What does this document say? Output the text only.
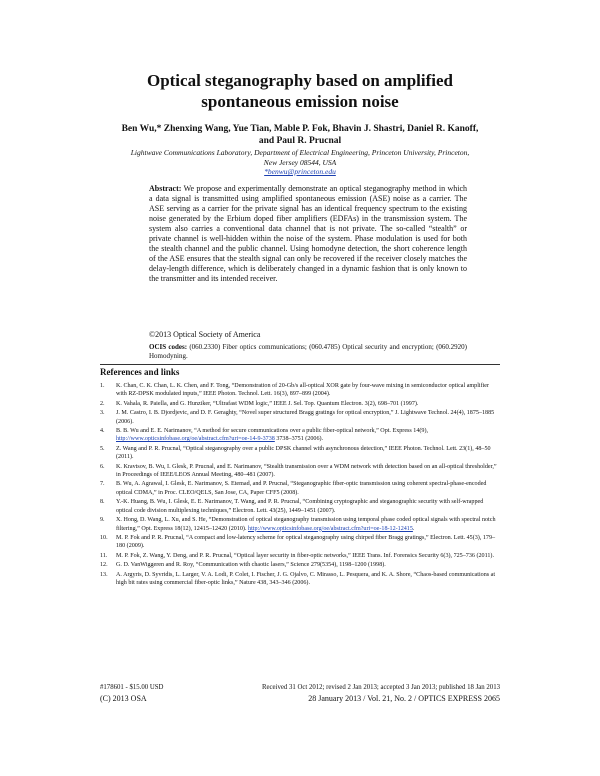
Optical steganography based on amplified
spontaneous emission noise
Ben Wu,* Zhenxing Wang, Yue Tian, Mable P. Fok, Bhavin J. Shastri, Daniel R. Kanoff,
and Paul R. Prucnal
Lightwave Communications Laboratory, Department of Electrical Engineering, Princeton University, Princeton,
New Jersey 08544, USA
*benwu@princeton.edu
Abstract: We propose and experimentally demonstrate an optical steganography method in which a data signal is transmitted using amplified spontaneous emission (ASE) noise as a carrier. The ASE serving as a carrier for the private signal has an identical frequency spectrum to the existing noise generated by the Erbium doped fiber amplifiers (EDFAs) in the transmission system. The system also carries a conventional data channel that is not private. The so-called “stealth” or private channel is well-hidden within the noise of the system. Phase modulation is used for both the stealth channel and the public channel. Using homodyne detection, the short coherence length of the ASE ensures that the stealth signal can only be recovered if the receiver closely matches the delay-length difference, which is deliberately changed in a dynamic fashion that is only known to the transmitter and its intended receiver.
©2013 Optical Society of America
OCIS codes: (060.2330) Fiber optics communications; (060.4785) Optical security and encryption; (060.2920) Homodyning.
References and links
1.	K. Chan, C. K. Chan, L. K. Chen, and F. Tong, “Demonstration of 20-Gb/s all-optical XOR gate by four-wave mixing in semiconductor optical amplifier with RZ-DPSK modulated inputs,” IEEE Photon. Technol. Lett. 16(3), 897–899 (2004).
2.	K. Vahala, R. Paiella, and G. Hunziker, “Ultrafast WDM logic,” IEEE J. Sel. Top. Quantum Electron. 3(2), 698–701 (1997).
3.	J. M. Castro, I. B. Djordjevic, and D. F. Geraghty, “Novel super structured Bragg gratings for optical encryption,” J. Lightwave Technol. 24(4), 1875–1885 (2006).
4.	B. B. Wu and E. E. Narimanov, “A method for secure communications over a public fiber-optical network,” Opt. Express 14(9), http://www.opticsinfobase.org/oe/abstract.cfm?uri=oe-14-9-3738 3738–3751 (2006).
5.	Z. Wang and P. R. Prucnal, “Optical steganography over a public DPSK channel with asynchronous detection,” IEEE Photon. Technol. Lett. 23(1), 48–50 (2011).
6.	K. Kravtsov, B. Wu, I. Glesk, P. Prucnal, and E. Narimanov, “Stealth transmission over a WDM network with detection based on an all-optical thresholder,” in Proceedings of IEEE/LEOS Annual Meeting, 480–481 (2007).
7.	B. Wu, A. Agrawal, I. Glesk, E. Narimanov, S. Etemad, and P. Prucnal, “Steganographic fiber-optic transmission using coherent spectral-phase-encoded optical CDMA,” in Proc. CLEO/QELS, San Jose, CA, Paper CFF5 (2008).
8.	Y.-K. Huang, B. Wu, I. Glesk, E. E. Narimanov, T. Wang, and P. R. Prucnal, “Combining cryptographic and steganographic security with self-wrapped optical code division multiplexing techniques,” Electron. Lett. 43(25), 1449–1451 (2007).
9.	X. Hong, D. Wang, L. Xu, and S. He, “Demonstration of optical steganography transmission using temporal phase coded optical signals with spectral notch filtering,” Opt. Express 18(12), 12415–12420 (2010). http://www.opticsinfobase.org/oe/abstract.cfm?uri=oe-18-12-12415.
10.	M. P. Fok and P. R. Prucnal, “A compact and low-latency scheme for optical steganography using chirped fiber Bragg gratings,” Electron. Lett. 45(3), 179–180 (2009).
11.	M. P. Fok, Z. Wang, Y. Deng, and P. R. Prucnal, “Optical layer security in fiber-optic networks,” IEEE Trans. Inf. Forensics Security 6(3), 725–736 (2011).
12.	G. D. VanWiggeren and R. Roy, “Communication with chaotic lasers,” Science 279(5354), 1198–1200 (1998).
13.	A. Argyris, D. Syvridis, L. Larger, V. A. Lodi, P. Colet, I. Fischer, J. G. Ojalvo, C. Mirasso, L. Pesquera, and K. A. Shore, “Chaos-based communications at high bit rates using commercial fiber-optic links,” Nature 438, 343–346 (2006).
#178601 - $15.00 USD	Received 31 Oct 2012; revised 2 Jan 2013; accepted 3 Jan 2013; published 18 Jan 2013
(C) 2013 OSA	28 January 2013 / Vol. 21, No. 2 / OPTICS EXPRESS 2065
